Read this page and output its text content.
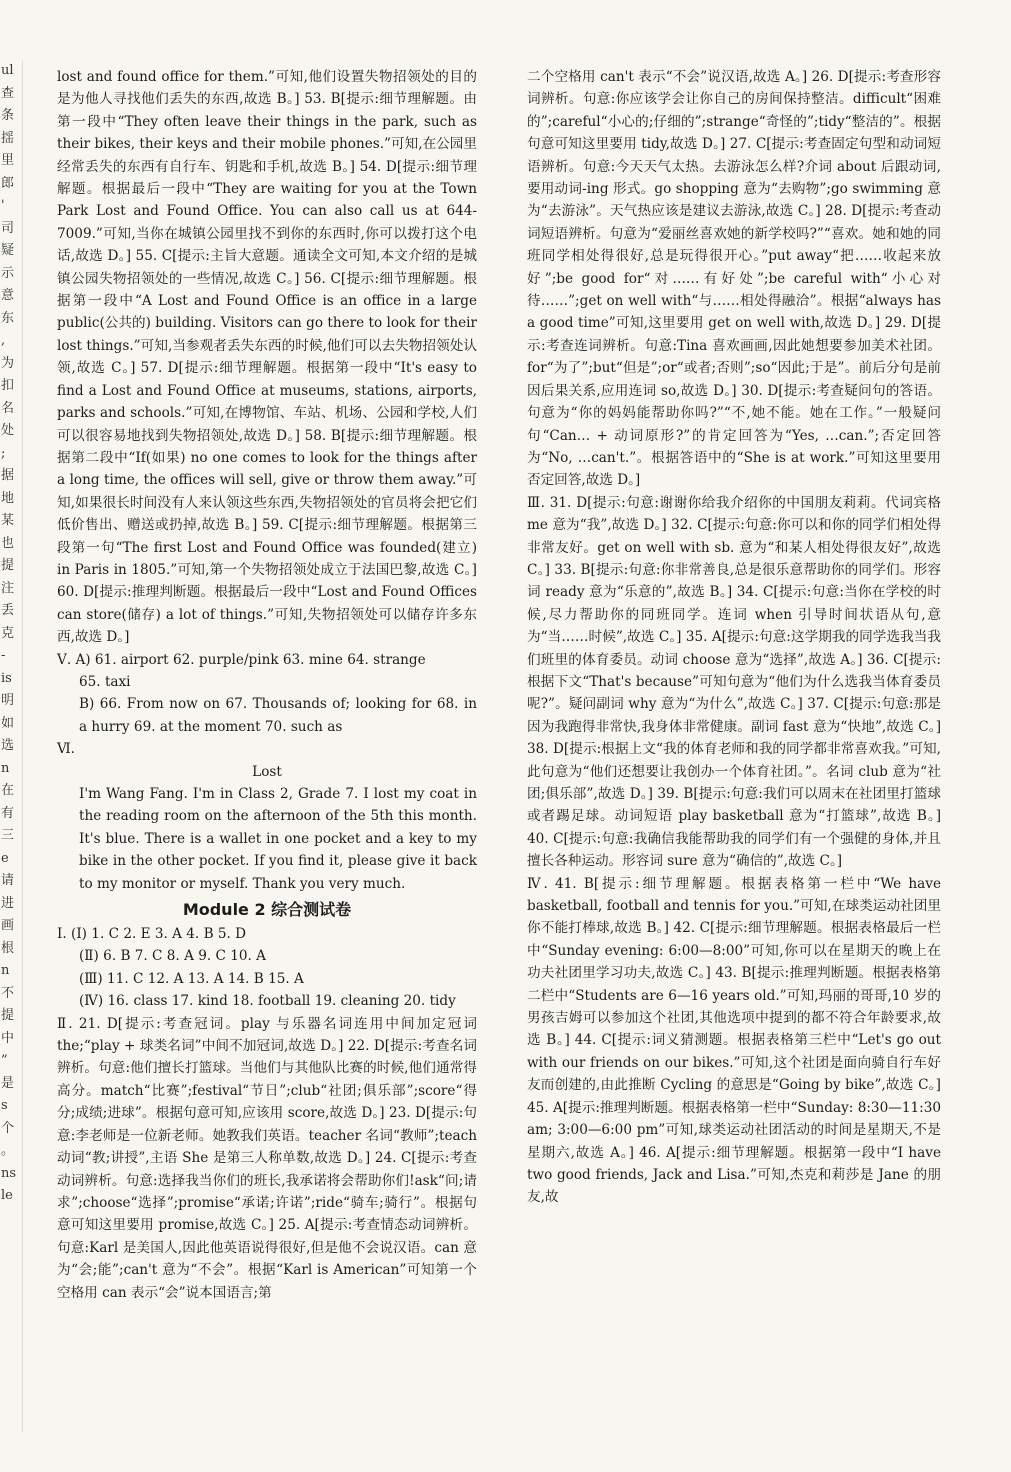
ul
查
条
揺
里
郎
'
司
疑
示
意
东
,
为
扣
名
处
;
据
地
某
也
提
注
丢
克
-
is
明
如
选
n
在
有
三
e
请
进
画
根
n
不
提
中
”
是
s
个
。
ns
le

lost and found office for them.”可知,他们设置失物招领处的目的是为他人寻找他们丢失的东西,故选 B。] 53. B[提示:细节理解题。由第一段中“They often leave their things in the park, such as their bikes, their keys and their mobile phones.”可知,在公园里经常丢失的东西有自行车、钥匙和手机,故选 B。] 54. D[提示:细节理解题。根据最后一段中“They are waiting for you at the Town Park Lost and Found Office. You can also call us at 644-7009.”可知,当你在城镇公园里找不到你的东西时,你可以拨打这个电话,故选 D。] 55. C[提示:主旨大意题。通读全文可知,本文介绍的是城镇公园失物招领处的一些情况,故选 C。] 56. C[提示:细节理解题。根据第一段中“A Lost and Found Office is an office in a large public(公共的) building. Visitors can go there to look for their lost things.”可知,当参观者丢失东西的时候,他们可以去失物招领处认领,故选 C。] 57. D[提示:细节理解题。根据第一段中“It's easy to find a Lost and Found Office at museums, stations, airports, parks and schools.”可知,在博物馆、车站、机场、公园和学校,人们可以很容易地找到失物招领处,故选 D。] 58. B[提示:细节理解题。根据第二段中“If(如果) no one comes to look for the things after a long time, the offices will sell, give or throw them away.”可知,如果很长时间没有人来认领这些东西,失物招领处的官员将会把它们低价售出、赠送或扔掉,故选 B。] 59. C[提示:细节理解题。根据第三段第一句“The first Lost and Found Office was founded(建立) in Paris in 1805.”可知,第一个失物招领处成立于法国巴黎,故选 C。] 60. D[提示:推理判断题。根据最后一段中“Lost and Found Offices can store(储存) a lot of things.”可知,失物招领处可以储存许多东西,故选 D。]

Ⅴ. A) 61. airport 62. purple/pink 63. mine 64. strange

65. taxi

B) 66. From now on 67. Thousands of; looking for 68. in a hurry 69. at the moment 70. such as

Ⅵ.

Lost

I'm Wang Fang. I'm in Class 2, Grade 7. I lost my coat in the reading room on the afternoon of the 5th this month. It's blue. There is a wallet in one pocket and a key to my bike in the other pocket. If you find it, please give it back to my monitor or myself. Thank you very much.

Module 2 综合测试卷

Ⅰ. (Ⅰ) 1. C 2. E 3. A 4. B 5. D

(Ⅱ) 6. B 7. C 8. A 9. C 10. A

(Ⅲ) 11. C 12. A 13. A 14. B 15. A

(Ⅳ) 16. class 17. kind 18. football 19. cleaning 20. tidy

Ⅱ. 21. D[提示:考查冠词。play 与乐器名词连用中间加定冠词 the;“play + 球类名词”中间不加冠词,故选 D。] 22. D[提示:考查名词辨析。句意:他们擅长打篮球。当他们与其他队比赛的时候,他们通常得高分。match“比赛”;festival“节日”;club“社团;俱乐部”;score“得分;成绩;进球”。根据句意可知,应该用 score,故选 D。] 23. D[提示:句意:李老师是一位新老师。她教我们英语。teacher 名词“教师”;teach 动词“教;讲授”,主语 She 是第三人称单数,故选 D。] 24. C[提示:考查动词辨析。句意:选择我当你们的班长,我承诺将会帮助你们!ask“问;请求”;choose“选择”;promise“承诺;许诺”;ride“骑车;骑行”。根据句意可知这里要用 promise,故选 C。] 25. A[提示:考查情态动词辨析。句意:Karl 是美国人,因此他英语说得很好,但是他不会说汉语。can 意为“会;能”;can't 意为“不会”。根据“Karl is American”可知第一个空格用 can 表示“会”说本国语言;第

二个空格用 can't 表示“不会”说汉语,故选 A。] 26. D[提示:考查形容词辨析。句意:你应该学会让你自己的房间保持整洁。difficult“困难的”;careful“小心的;仔细的”;strange“奇怪的”;tidy“整洁的”。根据句意可知这里要用 tidy,故选 D。] 27. C[提示:考查固定句型和动词短语辨析。句意:今天天气太热。去游泳怎么样?介词 about 后跟动词,要用动词-ing 形式。go shopping 意为“去购物”;go swimming 意为“去游泳”。天气热应该是建议去游泳,故选 C。] 28. D[提示:考查动词短语辨析。句意为“爱丽丝喜欢她的新学校吗?”“喜欢。她和她的同班同学相处得很好,总是玩得很开心。”put away“把……收起来放好”;be good for“对……有好处”;be careful with“小心对待……”;get on well with“与……相处得融洽”。根据“always has a good time”可知,这里要用 get on well with,故选 D。] 29. D[提示:考查连词辨析。句意:Tina 喜欢画画,因此她想要参加美术社团。for“为了”;but“但是”;or“或者;否则”;so“因此;于是”。前后分句是前因后果关系,应用连词 so,故选 D。] 30. D[提示:考查疑问句的答语。句意为“你的妈妈能帮助你吗?”“不,她不能。她在工作。”一般疑问句“Can… + 动词原形?”的肯定回答为“Yes, …can.”;否定回答为“No, …can't.”。根据答语中的“She is at work.”可知这里要用否定回答,故选 D。]

Ⅲ. 31. D[提示:句意:谢谢你给我介绍你的中国朋友莉莉。代词宾格 me 意为“我”,故选 D。] 32. C[提示:句意:你可以和你的同学们相处得非常友好。get on well with sb. 意为“和某人相处得很友好”,故选 C。] 33. B[提示:句意:你非常善良,总是很乐意帮助你的同学们。形容词 ready 意为“乐意的”,故选 B。] 34. C[提示:句意:当你在学校的时候,尽力帮助你的同班同学。连词 when 引导时间状语从句,意为“当……时候”,故选 C。] 35. A[提示:句意:这学期我的同学选我当我们班里的体育委员。动词 choose 意为“选择”,故选 A。] 36. C[提示:根据下文“That's because”可知句意为“他们为什么选我当体育委员呢?”。疑问副词 why 意为“为什么”,故选 C。] 37. C[提示:句意:那是因为我跑得非常快,我身体非常健康。副词 fast 意为“快地”,故选 C。] 38. D[提示:根据上文“我的体育老师和我的同学都非常喜欢我。”可知,此句意为“他们还想要让我创办一个体育社团。”。名词 club 意为“社团;俱乐部”,故选 D。] 39. B[提示:句意:我们可以周末在社团里打篮球或者踢足球。动词短语 play basketball 意为“打篮球”,故选 B。] 40. C[提示:句意:我确信我能帮助我的同学们有一个强健的身体,并且擅长各种运动。形容词 sure 意为“确信的”,故选 C。]

Ⅳ. 41. B[提示:细节理解题。根据表格第一栏中“We have basketball, football and tennis for you.”可知,在球类运动社团里你不能打棒球,故选 B。] 42. C[提示:细节理解题。根据表格最后一栏中“Sunday evening: 6:00—8:00”可知,你可以在星期天的晚上在功夫社团里学习功夫,故选 C。] 43. B[提示:推理判断题。根据表格第二栏中“Students are 6—16 years old.”可知,玛丽的哥哥,10 岁的男孩吉姆可以参加这个社团,其他选项中提到的都不符合年龄要求,故选 B。] 44. C[提示:词义猜测题。根据表格第三栏中“Let's go out with our friends on our bikes.”可知,这个社团是面向骑自行车好友而创建的,由此推断 Cycling 的意思是“Going by bike”,故选 C。] 45. A[提示:推理判断题。根据表格第一栏中“Sunday: 8:30—11:30 am; 3:00—6:00 pm”可知,球类运动社团活动的时间是星期天,不是星期六,故选 A。] 46. A[提示:细节理解题。根据第一段中“I have two good friends, Jack and Lisa.”可知,杰克和莉莎是 Jane 的朋友,故
